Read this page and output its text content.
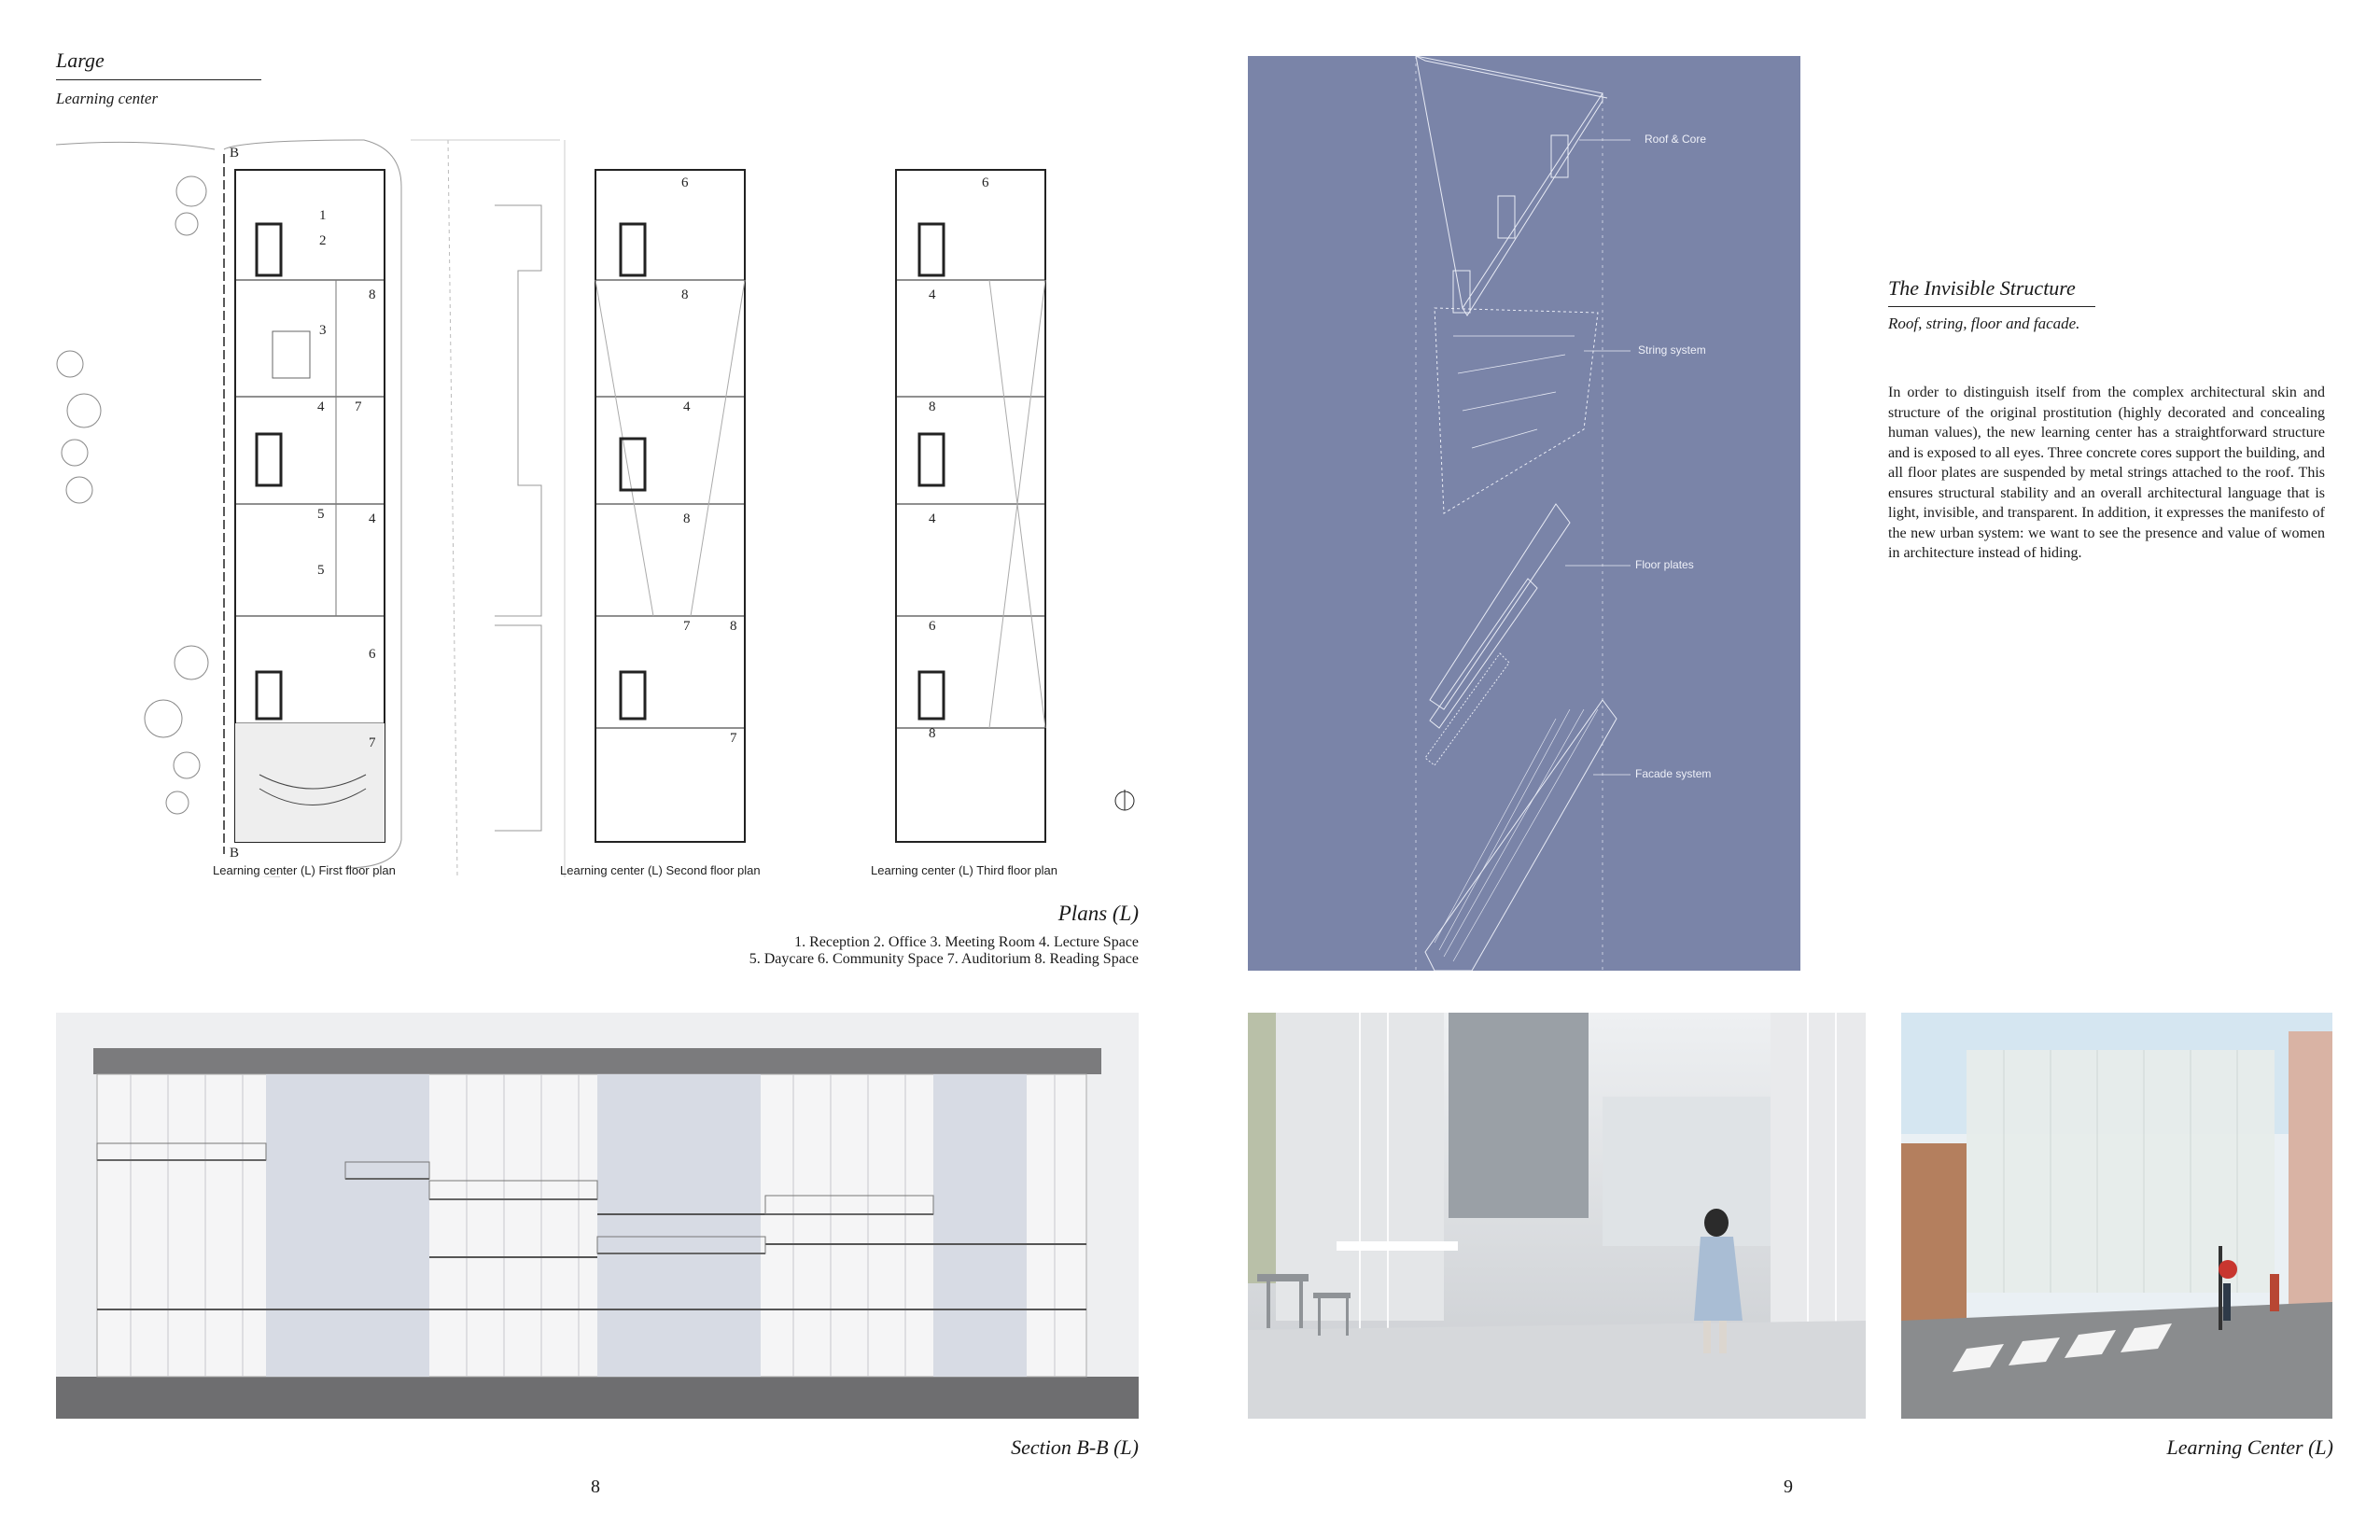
Large
Learning center
B
B
1
2
3
8
4 7
5	4
5
6
7
6
8
4
8
7	8
7
6
4
8
4
6
8
Learning center (L) First floor plan	Learning center (L) Second floor plan	Learning center (L) Third floor plan
Plans (L)
1. Reception 2. Office 3. Meeting Room 4. Lecture Space
5. Daycare 6. Community Space 7. Auditorium 8. Reading Space
Section B-B (L)
8
Roof & Core
String system
Floor plates
Facade system
The Invisible Structure
Roof, string, floor and facade.
In order to distinguish itself from the complex architectural skin and structure of the original prostitution (highly decorated and concealing human values), the new learning center has a straightforward structure and is exposed to all eyes. Three concrete cores support the building, and all floor plates are suspended by metal strings attached to the roof. This ensures structural stability and an overall architectural language that is light, invisible, and transparent. In addition, it expresses the manifesto of the new urban system: we want to see the presence and value of women in architecture instead of hiding.
Learning Center (L)
9
